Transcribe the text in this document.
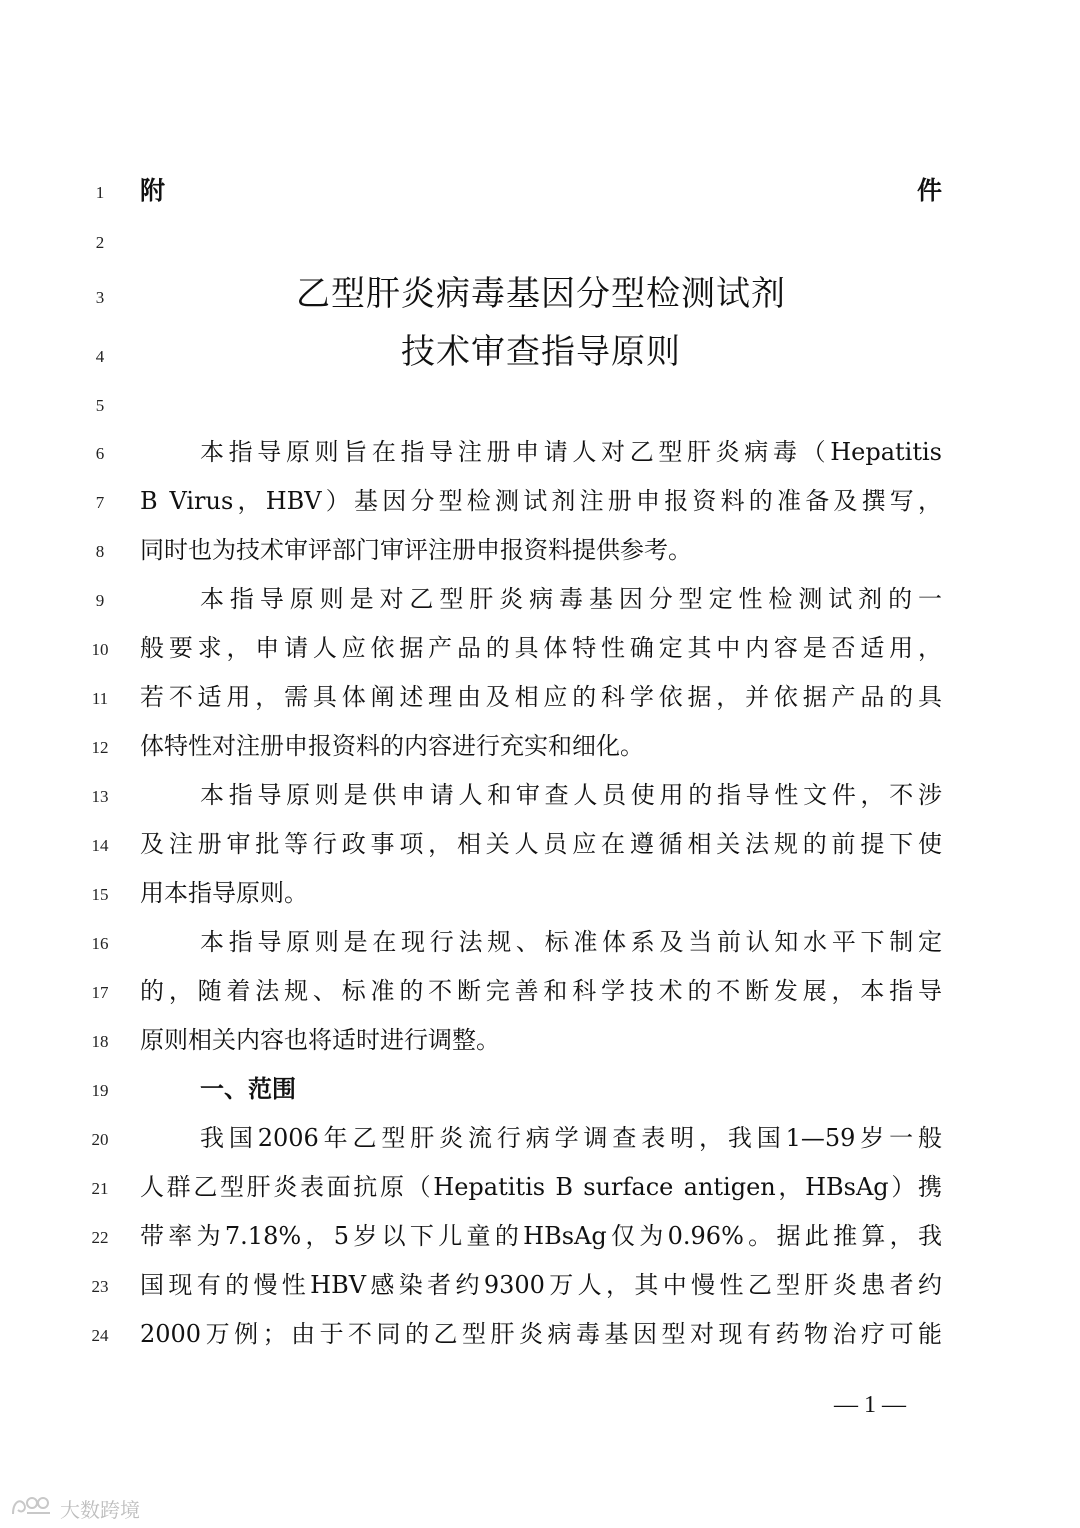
1
2
3
4
5
6
7
8
9
10
11
12
13
14
15
16
17
18
19
20
21
22
23
24
附件
乙型肝炎病毒基因分型检测试剂
技术审查指导原则
本指导原则旨在指导注册申请人对乙型肝炎病毒（Hepatitis
B Virus，HBV）基因分型检测试剂注册申报资料的准备及撰写，
同时也为技术审评部门审评注册申报资料提供参考。
本指导原则是对乙型肝炎病毒基因分型定性检测试剂的一
般要求，申请人应依据产品的具体特性确定其中内容是否适用，
若不适用，需具体阐述理由及相应的科学依据，并依据产品的具
体特性对注册申报资料的内容进行充实和细化。
本指导原则是供申请人和审查人员使用的指导性文件，不涉
及注册审批等行政事项，相关人员应在遵循相关法规的前提下使
用本指导原则。
本指导原则是在现行法规、标准体系及当前认知水平下制定
的，随着法规、标准的不断完善和科学技术的不断发展，本指导
原则相关内容也将适时进行调整。
一、范围
我国2006年乙型肝炎流行病学调查表明，我国1—59岁一般
人群乙型肝炎表面抗原（Hepatitis B surface antigen，HBsAg）携
带率为7.18%，5岁以下儿童的HBsAg仅为0.96%。据此推算，我
国现有的慢性HBV感染者约9300万人，其中慢性乙型肝炎患者约
2000万例；由于不同的乙型肝炎病毒基因型对现有药物治疗可能
— 1 —
大数跨境
